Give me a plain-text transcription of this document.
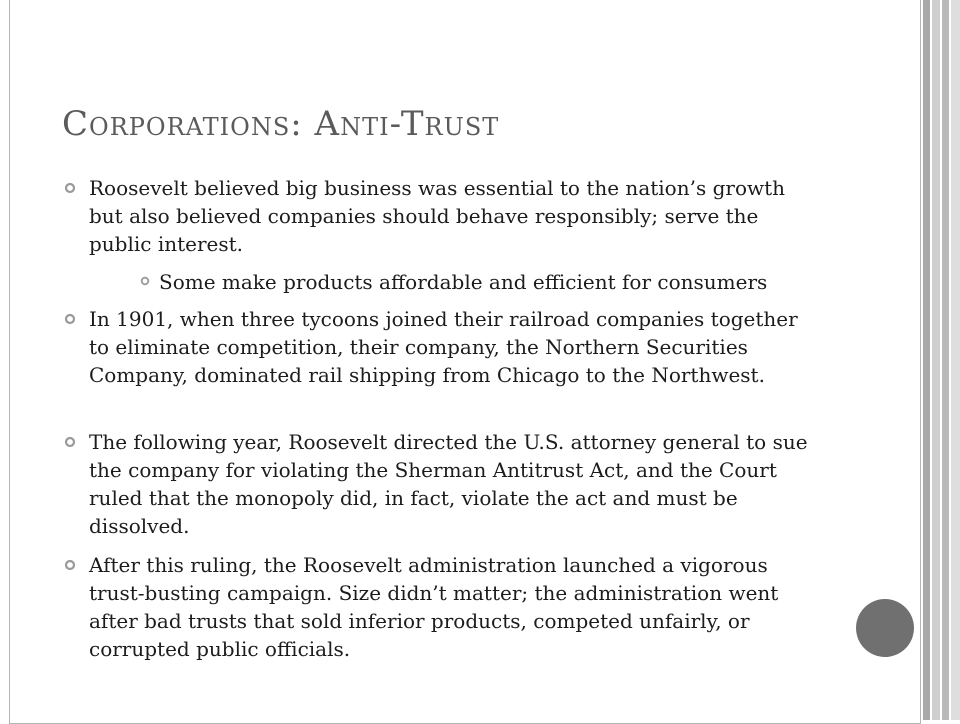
Corporations: Anti-Trust
Roosevelt believed big business was essential to the nation’s growth but also believed companies should behave responsibly; serve the public interest.
Some make products affordable and efficient for consumers
In 1901, when three tycoons joined their railroad companies together to eliminate competition, their company, the Northern Securities Company, dominated rail shipping from Chicago to the Northwest.
The following year, Roosevelt directed the U.S. attorney general to sue the company for violating the Sherman Antitrust Act, and the Court ruled that the monopoly did, in fact, violate the act and must be dissolved.
After this ruling, the Roosevelt administration launched a vigorous trust-busting campaign. Size didn’t matter; the administration went after bad trusts that sold inferior products, competed unfairly, or corrupted public officials.
